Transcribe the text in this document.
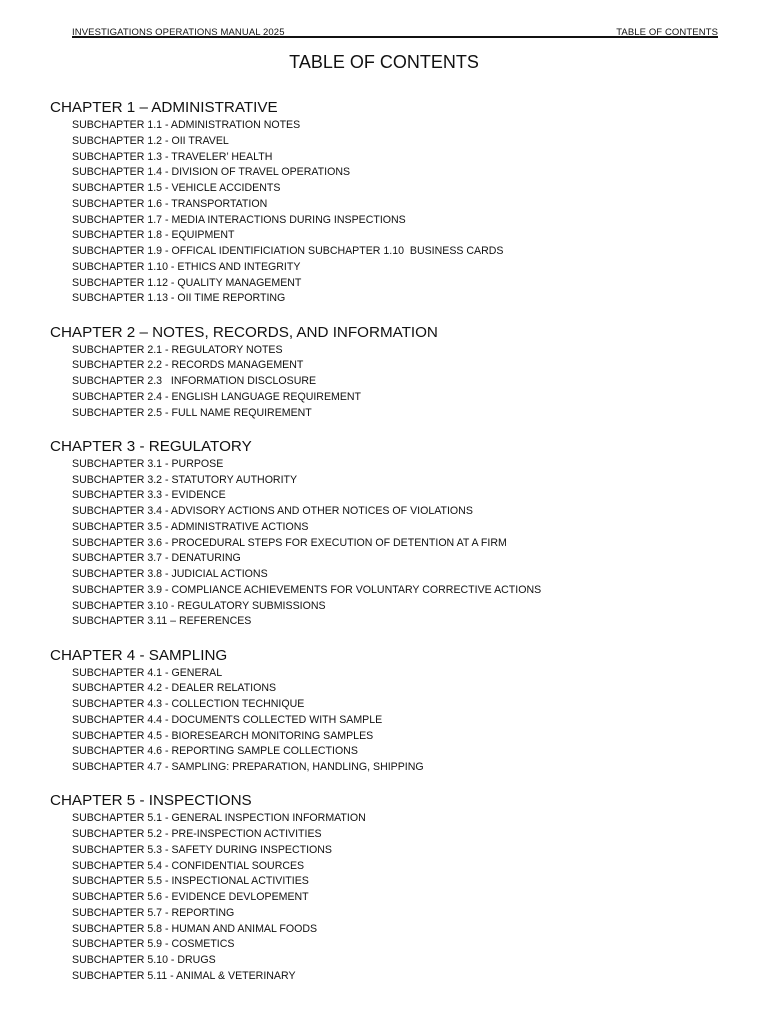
INVESTIGATIONS OPERATIONS MANUAL 2025	TABLE OF CONTENTS
TABLE OF CONTENTS
CHAPTER 1 – ADMINISTRATIVE
SUBCHAPTER 1.1 - ADMINISTRATION NOTES
SUBCHAPTER 1.2 - OII TRAVEL
SUBCHAPTER 1.3 - TRAVELER’ HEALTH
SUBCHAPTER 1.4 - DIVISION OF TRAVEL OPERATIONS
SUBCHAPTER 1.5 - VEHICLE ACCIDENTS
SUBCHAPTER 1.6 - TRANSPORTATION
SUBCHAPTER 1.7 - MEDIA INTERACTIONS DURING INSPECTIONS
SUBCHAPTER 1.8 - EQUIPMENT
SUBCHAPTER 1.9 - OFFICAL IDENTIFICIATION SUBCHAPTER 1.10  BUSINESS CARDS
SUBCHAPTER 1.10 - ETHICS AND INTEGRITY
SUBCHAPTER 1.12 - QUALITY MANAGEMENT
SUBCHAPTER 1.13 - OII TIME REPORTING
CHAPTER 2 – NOTES, RECORDS, AND INFORMATION
SUBCHAPTER 2.1 - REGULATORY NOTES
SUBCHAPTER 2.2 - RECORDS MANAGEMENT
SUBCHAPTER 2.3   INFORMATION DISCLOSURE
SUBCHAPTER 2.4 - ENGLISH LANGUAGE REQUIREMENT
SUBCHAPTER 2.5 - FULL NAME REQUIREMENT
CHAPTER 3 - REGULATORY
SUBCHAPTER 3.1 - PURPOSE
SUBCHAPTER 3.2 - STATUTORY AUTHORITY
SUBCHAPTER 3.3 - EVIDENCE
SUBCHAPTER 3.4 - ADVISORY ACTIONS AND OTHER NOTICES OF VIOLATIONS
SUBCHAPTER 3.5 - ADMINISTRATIVE ACTIONS
SUBCHAPTER 3.6 - PROCEDURAL STEPS FOR EXECUTION OF DETENTION AT A FIRM
SUBCHAPTER 3.7 - DENATURING
SUBCHAPTER 3.8 - JUDICIAL ACTIONS
SUBCHAPTER 3.9 - COMPLIANCE ACHIEVEMENTS FOR VOLUNTARY CORRECTIVE ACTIONS
SUBCHAPTER 3.10 - REGULATORY SUBMISSIONS
SUBCHAPTER 3.11 – REFERENCES
CHAPTER 4 - SAMPLING
SUBCHAPTER 4.1 - GENERAL
SUBCHAPTER 4.2 - DEALER RELATIONS
SUBCHAPTER 4.3 - COLLECTION TECHNIQUE
SUBCHAPTER 4.4 - DOCUMENTS COLLECTED WITH SAMPLE
SUBCHAPTER 4.5 - BIORESEARCH MONITORING SAMPLES
SUBCHAPTER 4.6 - REPORTING SAMPLE COLLECTIONS
SUBCHAPTER 4.7 - SAMPLING: PREPARATION, HANDLING, SHIPPING
CHAPTER 5 - INSPECTIONS
SUBCHAPTER 5.1 - GENERAL INSPECTION INFORMATION
SUBCHAPTER 5.2 - PRE-INSPECTION ACTIVITIES
SUBCHAPTER 5.3 - SAFETY DURING INSPECTIONS
SUBCHAPTER 5.4 - CONFIDENTIAL SOURCES
SUBCHAPTER 5.5 - INSPECTIONAL ACTIVITIES
SUBCHAPTER 5.6 - EVIDENCE DEVLOPEMENT
SUBCHAPTER 5.7 - REPORTING
SUBCHAPTER 5.8 - HUMAN AND ANIMAL FOODS
SUBCHAPTER 5.9 - COSMETICS
SUBCHAPTER 5.10 - DRUGS
SUBCHAPTER 5.11 - ANIMAL & VETERINARY
